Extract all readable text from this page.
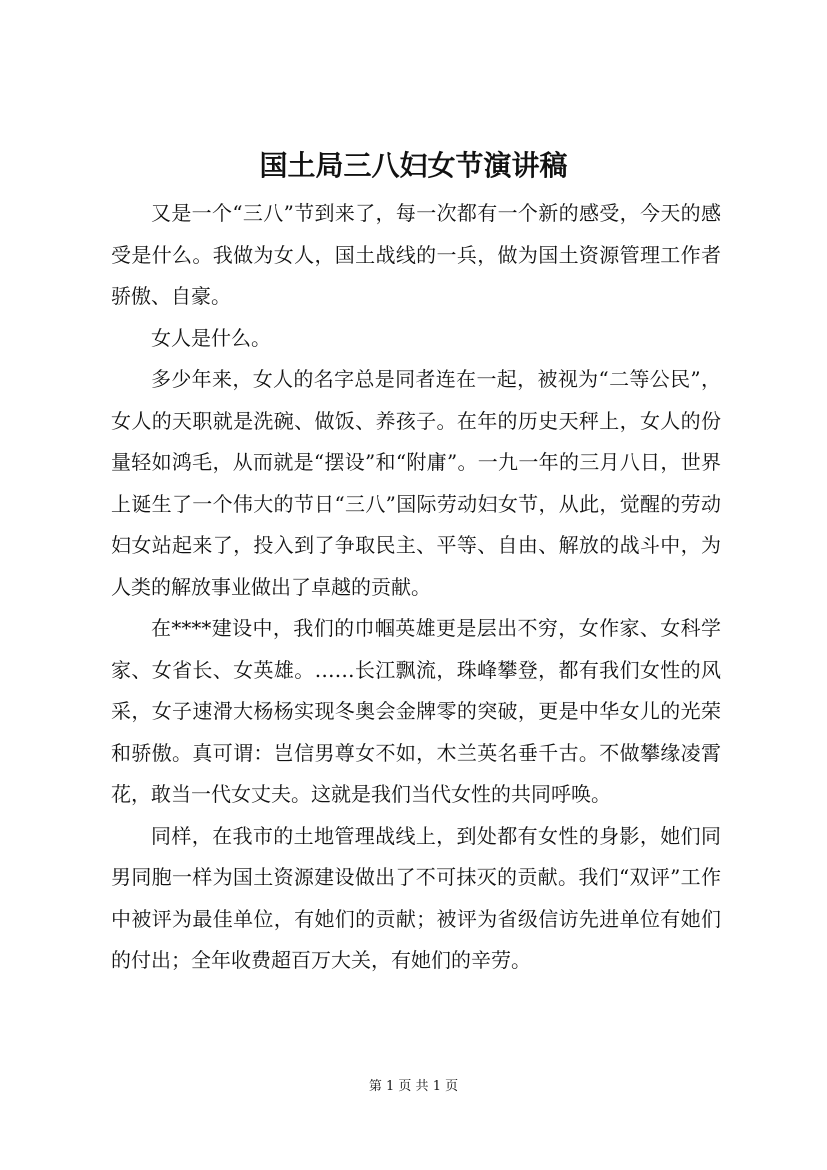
国土局三八妇女节演讲稿

又是一个“三八”节到来了，每一次都有一个新的感受，今天的感受是什么。我做为女人，国土战线的一兵，做为国土资源管理工作者骄傲、自豪。

女人是什么。

多少年来，女人的名字总是同者连在一起，被视为“二等公民”，女人的天职就是洗碗、做饭、养孩子。在年的历史天秤上，女人的份量轻如鸿毛，从而就是“摆设”和“附庸”。一九一年的三月八日，世界上诞生了一个伟大的节日“三八”国际劳动妇女节，从此，觉醒的劳动妇女站起来了，投入到了争取民主、平等、自由、解放的战斗中，为人类的解放事业做出了卓越的贡献。

在****建设中，我们的巾帼英雄更是层出不穷，女作家、女科学家、女省长、女英雄。……长江飘流，珠峰攀登，都有我们女性的风采，女子速滑大杨杨实现冬奥会金牌零的突破，更是中华女儿的光荣和骄傲。真可谓：岂信男尊女不如，木兰英名垂千古。不做攀缘凌霄花，敢当一代女丈夫。这就是我们当代女性的共同呼唤。

同样，在我市的土地管理战线上，到处都有女性的身影，她们同男同胞一样为国土资源建设做出了不可抹灭的贡献。我们“双评”工作中被评为最佳单位，有她们的贡献；被评为省级信访先进单位有她们的付出；全年收费超百万大关，有她们的辛劳。

第 1 页 共 1 页
